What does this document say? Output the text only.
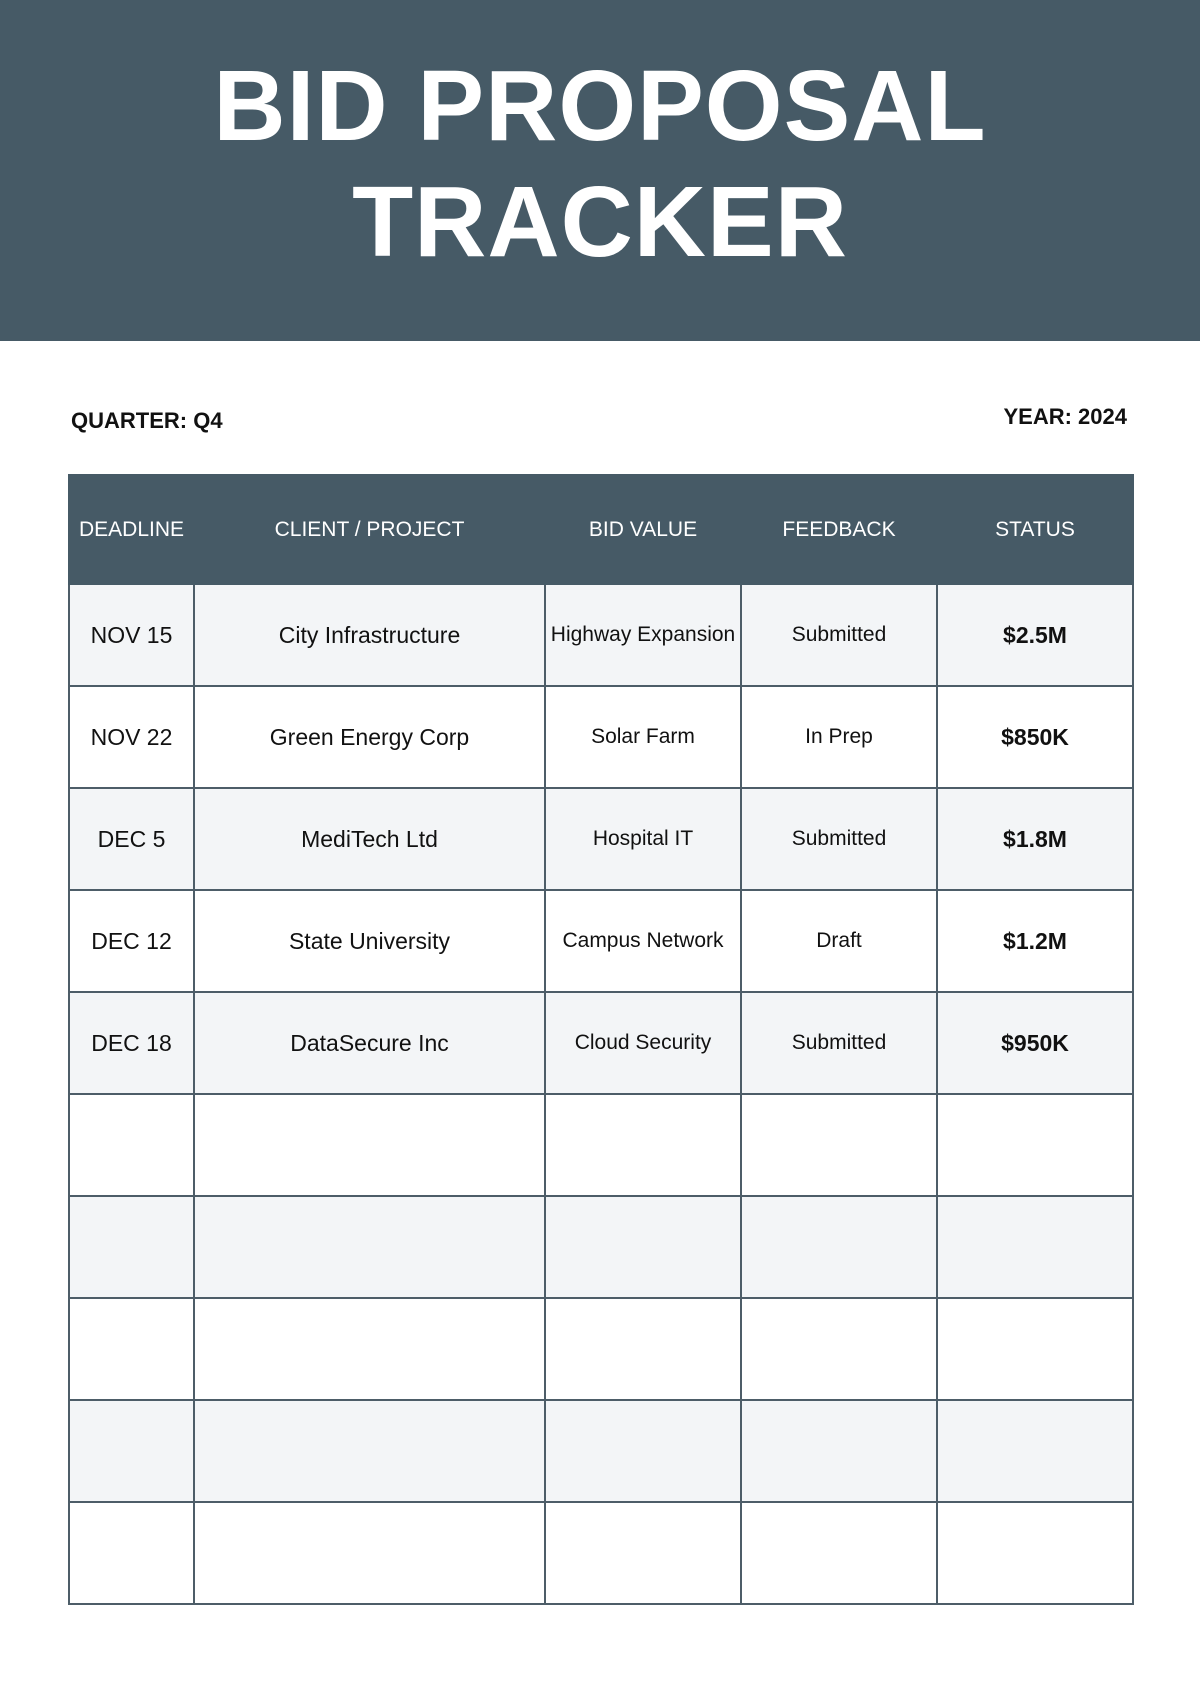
BID PROPOSAL
TRACKER
QUARTER: Q4	YEAR: 2024
DEADLINE	CLIENT / PROJECT	BID VALUE	FEEDBACK	STATUS
NOV 15	City Infrastructure	Highway Expansion	Submitted	$2.5M
NOV 22	Green Energy Corp	Solar Farm	In Prep	$850K
DEC 5	MediTech Ltd	Hospital IT	Submitted	$1.8M
DEC 12	State University	Campus Network	Draft	$1.2M
DEC 18	DataSecure Inc	Cloud Security	Submitted	$950K
